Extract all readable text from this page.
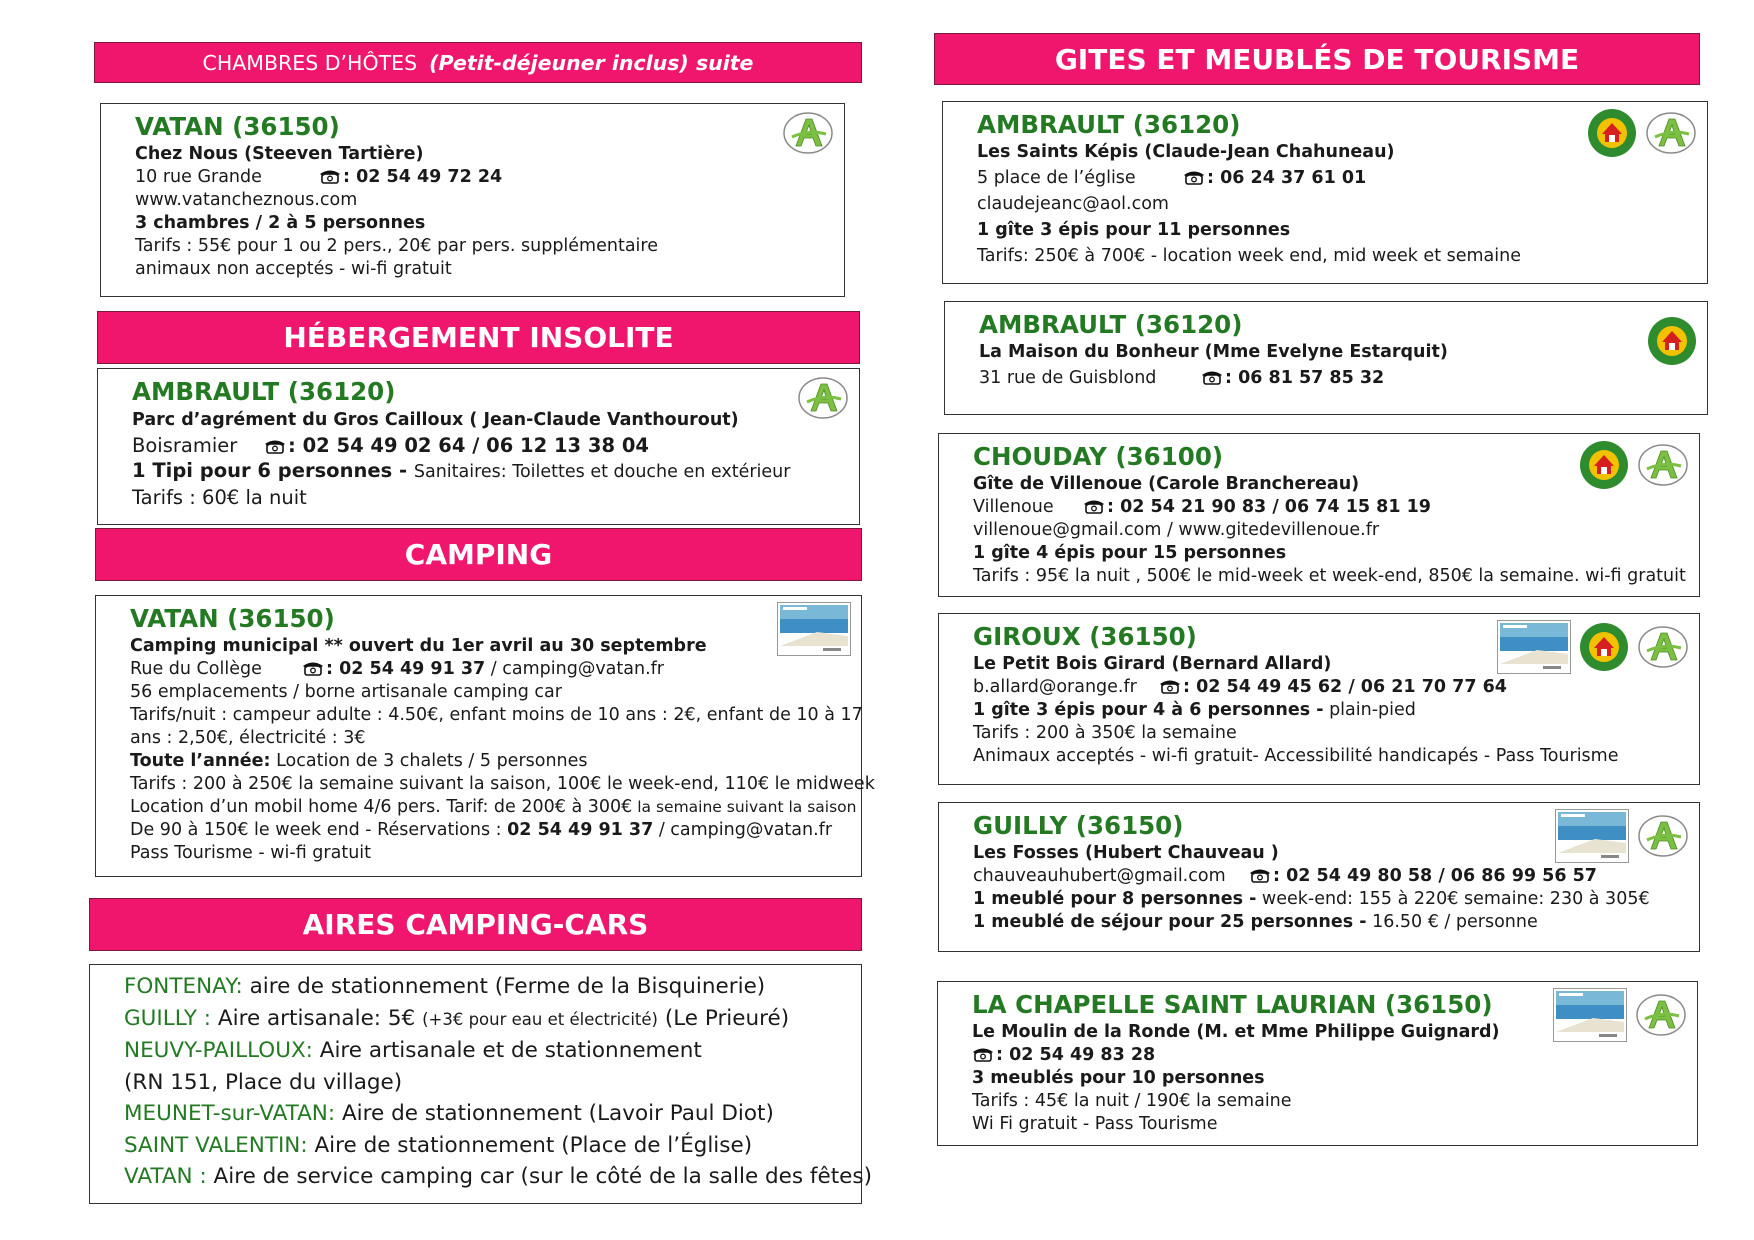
CHAMBRES D’HÔTES (Petit-déjeuner inclus) suite
VATAN (36150)
Chez Nous (Steeven Tartière)
10 rue Grande	: 02 54 49 72 24
www.vatancheznous.com
3 chambres / 2 à 5 personnes
Tarifs : 55€ pour 1 ou 2 pers., 20€ par pers. supplémentaire
animaux non acceptés - wi-fi gratuit
HÉBERGEMENT INSOLITE
AMBRAULT (36120)
Parc d’agrément du Gros Cailloux ( Jean-Claude Vanthourout)
Boisramier	: 02 54 49 02 64 / 06 12 13 38 04
1 Tipi pour 6 personnes - Sanitaires: Toilettes et douche en extérieur
Tarifs : 60€ la nuit
CAMPING
VATAN (36150)
Camping municipal ** ouvert du 1er avril au 30 septembre
Rue du Collège	: 02 54 49 91 37 / camping@vatan.fr
56 emplacements / borne artisanale camping car
Tarifs/nuit : campeur adulte : 4.50€, enfant moins de 10 ans : 2€, enfant de 10 à 17
ans : 2,50€, électricité : 3€
Toute l’année: Location de 3 chalets / 5 personnes
Tarifs : 200 à 250€ la semaine suivant la saison, 100€ le week-end, 110€ le midweek
Location d’un mobil home 4/6 pers. Tarif: de 200€ à 300€ la semaine suivant la saison
De 90 à 150€ le week end - Réservations : 02 54 49 91 37 / camping@vatan.fr
Pass Tourisme - wi-fi gratuit
AIRES CAMPING-CARS
FONTENAY: aire de stationnement (Ferme de la Bisquinerie)
GUILLY : Aire artisanale: 5€ (+3€ pour eau et électricité) (Le Prieuré)
NEUVY-PAILLOUX: Aire artisanale et de stationnement
(RN 151, Place du village)
MEUNET-sur-VATAN: Aire de stationnement (Lavoir Paul Diot)
SAINT VALENTIN: Aire de stationnement (Place de l’Église)
VATAN : Aire de service camping car (sur le côté de la salle des fêtes)
GITES ET MEUBLÉS DE TOURISME
AMBRAULT (36120)
Les Saints Képis (Claude-Jean Chahuneau)
5 place de l’église	: 06 24 37 61 01
claudejeanc@aol.com
1 gîte 3 épis pour 11 personnes
Tarifs: 250€ à 700€ - location week end, mid week et semaine
AMBRAULT (36120)
La Maison du Bonheur (Mme Evelyne Estarquit)
31 rue de Guisblond	: 06 81 57 85 32
CHOUDAY (36100)
Gîte de Villenoue (Carole Branchereau)
Villenoue	: 02 54 21 90 83 / 06 74 15 81 19
villenoue@gmail.com / www.gitedevillenoue.fr
1 gîte 4 épis pour 15 personnes
Tarifs : 95€ la nuit , 500€ le mid-week et week-end, 850€ la semaine. wi-fi gratuit
GIROUX (36150)
Le Petit Bois Girard (Bernard Allard)
b.allard@orange.fr	: 02 54 49 45 62 / 06 21 70 77 64
1 gîte 3 épis pour 4 à 6 personnes - plain-pied
Tarifs : 200 à 350€ la semaine
Animaux acceptés - wi-fi gratuit- Accessibilité handicapés - Pass Tourisme
GUILLY (36150)
Les Fosses (Hubert Chauveau )
chauveauhubert@gmail.com	: 02 54 49 80 58 / 06 86 99 56 57
1 meublé pour 8 personnes - week-end: 155 à 220€ semaine: 230 à 305€
1 meublé de séjour pour 25 personnes - 16.50 € / personne
LA CHAPELLE SAINT LAURIAN (36150)
Le Moulin de la Ronde (M. et Mme Philippe Guignard)
: 02 54 49 83 28
3 meublés pour 10 personnes
Tarifs : 45€ la nuit / 190€ la semaine
Wi Fi gratuit - Pass Tourisme
